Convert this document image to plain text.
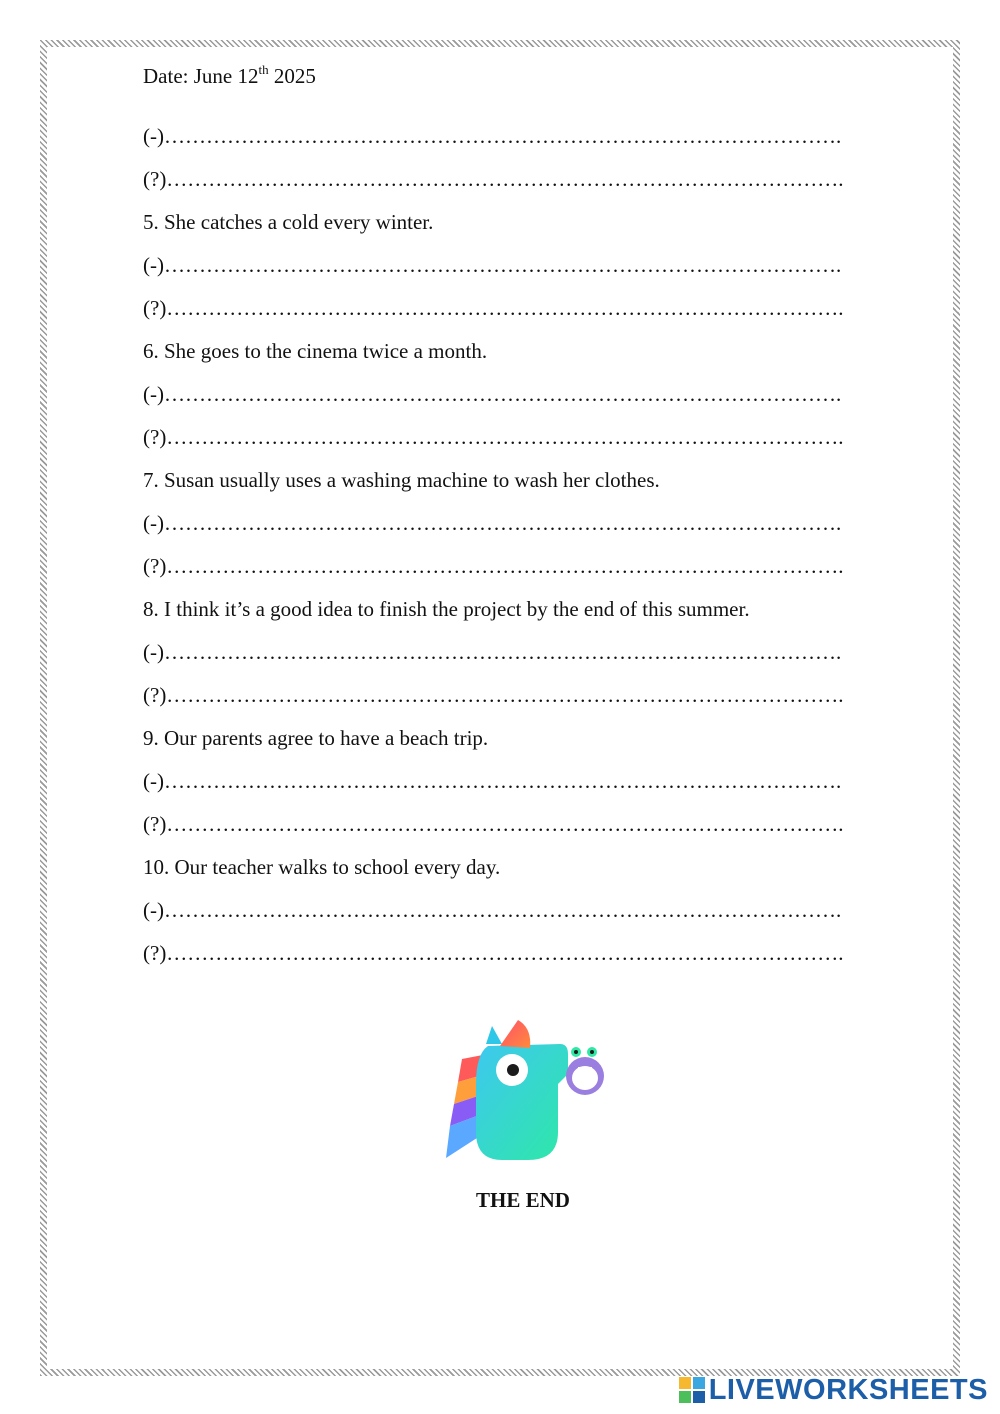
Date: June 12th 2025
(-)…………………………………………………………………………………….
(?)…………………………………………………………………………………….
5. She catches a cold every winter.
(-)…………………………………………………………………………………….
(?)…………………………………………………………………………………….
6. She goes to the cinema twice a month.
(-)…………………………………………………………………………………….
(?)…………………………………………………………………………………….
7. Susan usually uses a washing machine to wash her clothes.
(-)…………………………………………………………………………………….
(?)…………………………………………………………………………………….
8. I think it’s a good idea to finish the project by the end of this summer.
(-)…………………………………………………………………………………….
(?)…………………………………………………………………………………….
9. Our parents agree to have a beach trip.
(-)…………………………………………………………………………………….
(?)…………………………………………………………………………………….
10. Our teacher walks to school every day.
(-)…………………………………………………………………………………….
(?)…………………………………………………………………………………….
THE END
LIVEWORKSHEETS
